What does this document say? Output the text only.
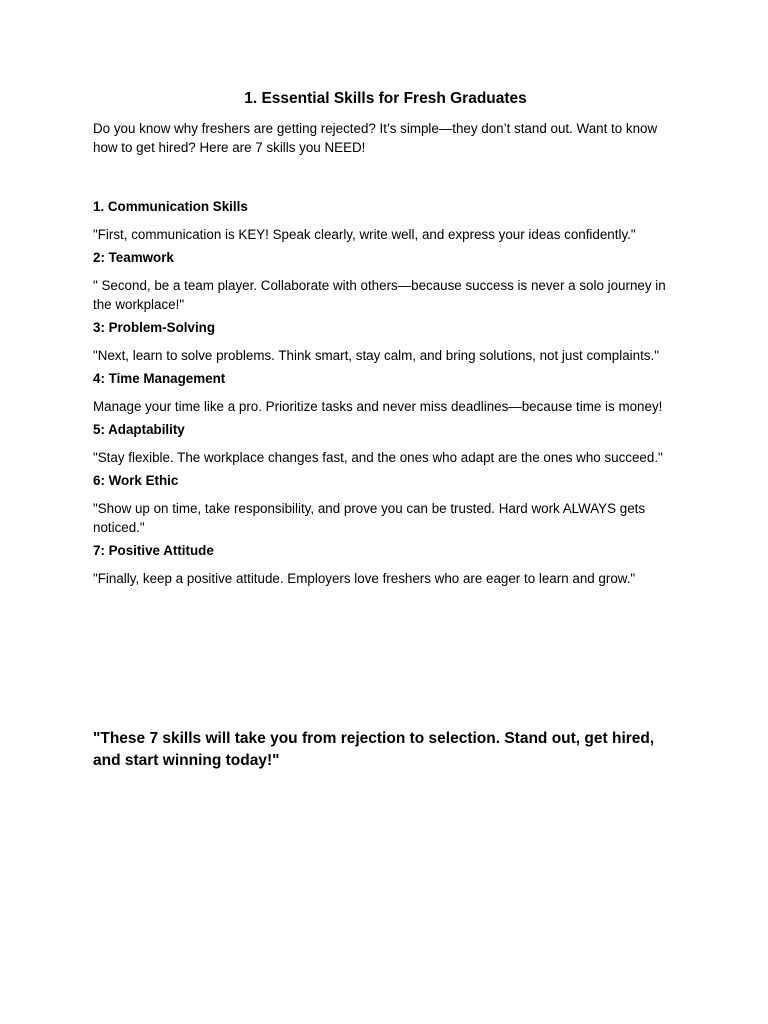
1. Essential Skills for Fresh Graduates

Do you know why freshers are getting rejected? It’s simple—they don’t stand out. Want to know how to get hired? Here are 7 skills you NEED!

1. Communication Skills

"First, communication is KEY! Speak clearly, write well, and express your ideas confidently."

2: Teamwork

" Second, be a team player. Collaborate with others—because success is never a solo journey in the workplace!"

3: Problem-Solving

"Next, learn to solve problems. Think smart, stay calm, and bring solutions, not just complaints."

4: Time Management

Manage your time like a pro. Prioritize tasks and never miss deadlines—because time is money!

5: Adaptability

"Stay flexible. The workplace changes fast, and the ones who adapt are the ones who succeed."

6: Work Ethic

"Show up on time, take responsibility, and prove you can be trusted. Hard work ALWAYS gets noticed."

7: Positive Attitude

"Finally, keep a positive attitude. Employers love freshers who are eager to learn and grow."

"These 7 skills will take you from rejection to selection. Stand out, get hired, and start winning today!"
